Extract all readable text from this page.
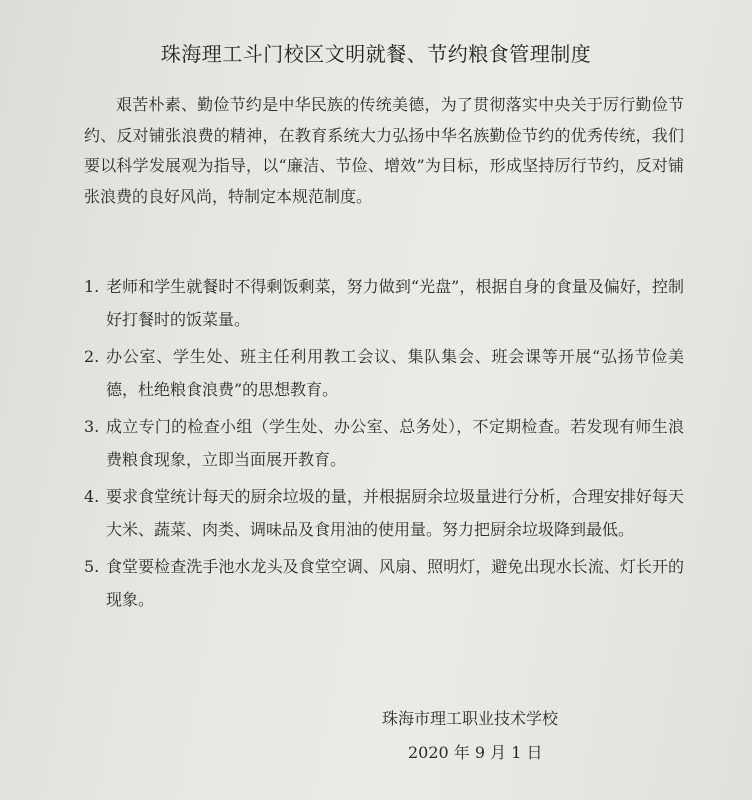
珠海理工斗门校区文明就餐、节约粮食管理制度
艰苦朴素、勤俭节约是中华民族的传统美德，为了贯彻落实中央关于厉行勤俭节约、反对铺张浪费的精神，在教育系统大力弘扬中华名族勤俭节约的优秀传统，我们要以科学发展观为指导，以“廉洁、节俭、增效”为目标，形成坚持厉行节约，反对铺张浪费的良好风尚，特制定本规范制度。
1. 老师和学生就餐时不得剩饭剩菜，努力做到“光盘”，根据自身的食量及偏好，控制好打餐时的饭菜量。
2. 办公室、学生处、班主任利用教工会议、集队集会、班会课等开展“弘扬节俭美德，杜绝粮食浪费”的思想教育。
3. 成立专门的检查小组（学生处、办公室、总务处），不定期检查。若发现有师生浪费粮食现象，立即当面展开教育。
4. 要求食堂统计每天的厨余垃圾的量，并根据厨余垃圾量进行分析，合理安排好每天大米、蔬菜、肉类、调味品及食用油的使用量。努力把厨余垃圾降到最低。
5. 食堂要检查洗手池水龙头及食堂空调、风扇、照明灯，避免出现水长流、灯长开的现象。
珠海市理工职业技术学校
2020 年 9 月 1 日
